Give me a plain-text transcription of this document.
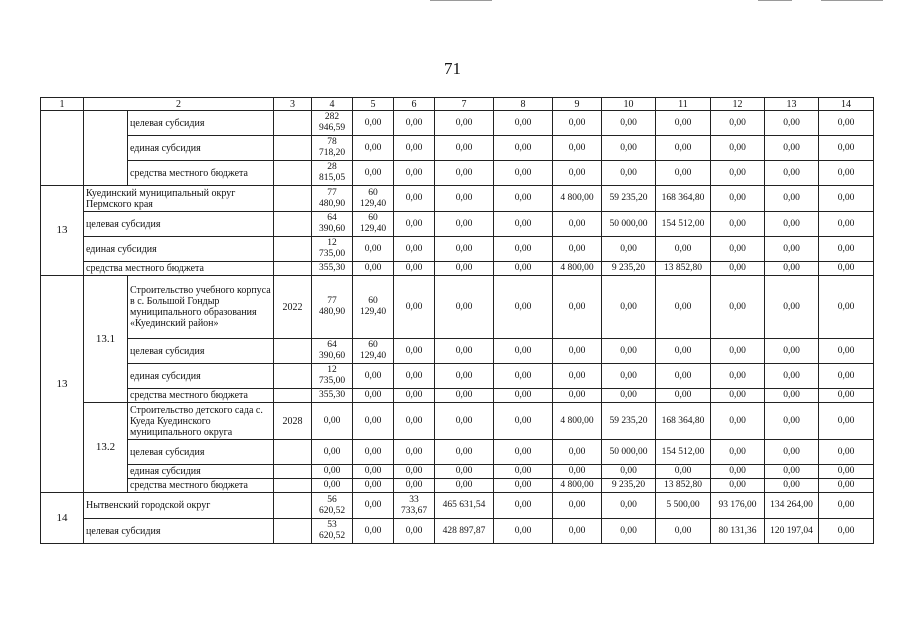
71
1	2		3	4	5	6	7	8	9	10	11	12	13	14
		целевая субсидия		282 946,59	0,00	0,00	0,00	0,00	0,00	0,00	0,00	0,00	0,00	0,00
		единая субсидия		78 718,20	0,00	0,00	0,00	0,00	0,00	0,00	0,00	0,00	0,00	0,00
		средства местного бюджета		28 815,05	0,00	0,00	0,00	0,00	0,00	0,00	0,00	0,00	0,00	0,00
13	Куединский муниципальный округ Пермского края			77 480,90	60 129,40	0,00	0,00	0,00	4 800,00	59 235,20	168 364,80	0,00	0,00	0,00
	целевая субсидия			64 390,60	60 129,40	0,00	0,00	0,00	0,00	50 000,00	154 512,00	0,00	0,00	0,00
	единая субсидия			12 735,00	0,00	0,00	0,00	0,00	0,00	0,00	0,00	0,00	0,00	0,00
	средства местного бюджета			355,30	0,00	0,00	0,00	0,00	4 800,00	9 235,20	13 852,80	0,00	0,00	0,00
13	13.1	Строительство учебного корпуса в с. Большой Гондыр муниципального образования «Куединский район»	2022	77 480,90	60 129,40	0,00	0,00	0,00	0,00	0,00	0,00	0,00	0,00	0,00
		целевая субсидия		64 390,60	60 129,40	0,00	0,00	0,00	0,00	0,00	0,00	0,00	0,00	0,00
		единая субсидия		12 735,00	0,00	0,00	0,00	0,00	0,00	0,00	0,00	0,00	0,00	0,00
		средства местного бюджета		355,30	0,00	0,00	0,00	0,00	0,00	0,00	0,00	0,00	0,00	0,00
	13.2	Строительство детского сада с. Куеда Куединского муниципального округа	2028	0,00	0,00	0,00	0,00	0,00	4 800,00	59 235,20	168 364,80	0,00	0,00	0,00
		целевая субсидия		0,00	0,00	0,00	0,00	0,00	0,00	50 000,00	154 512,00	0,00	0,00	0,00
		единая субсидия		0,00	0,00	0,00	0,00	0,00	0,00	0,00	0,00	0,00	0,00	0,00
		средства местного бюджета		0,00	0,00	0,00	0,00	0,00	4 800,00	9 235,20	13 852,80	0,00	0,00	0,00
14	Нытвенский городской округ			56 620,52	0,00	33 733,67	465 631,54	0,00	0,00	0,00	5 500,00	93 176,00	134 264,00	0,00
	целевая субсидия			53 620,52	0,00	0,00	428 897,87	0,00	0,00	0,00	0,00	80 131,36	120 197,04	0,00
